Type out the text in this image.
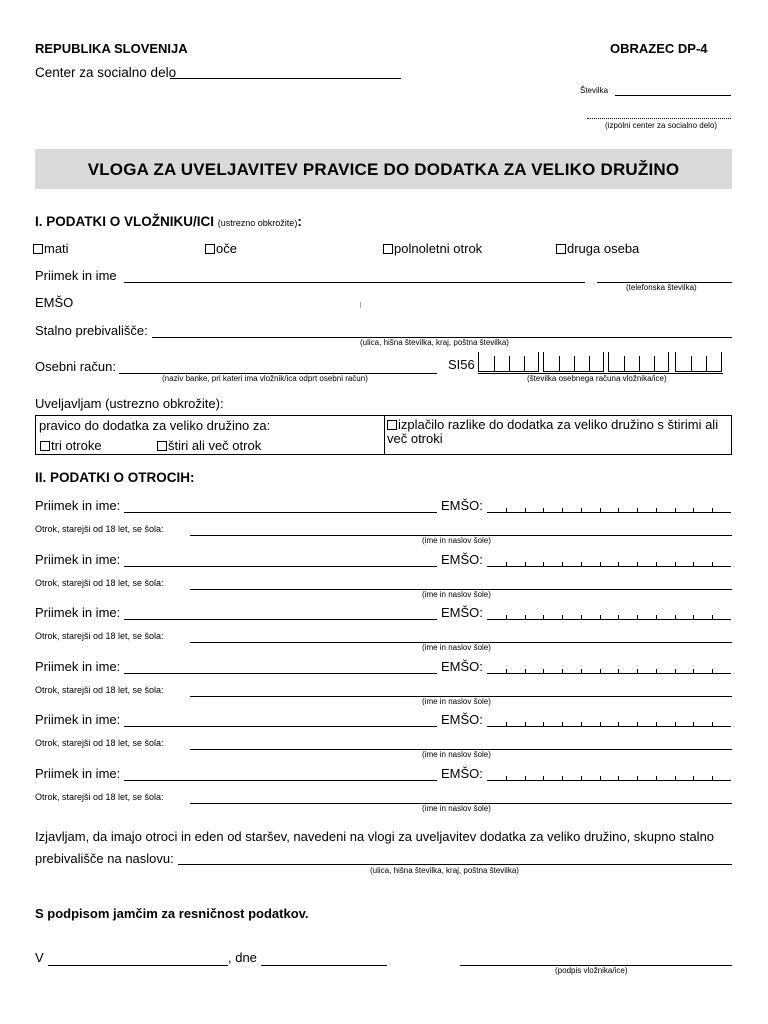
REPUBLIKA SLOVENIJA	OBRAZEC DP-4
Center za socialno delo
Številka
(izpolni center za socialno delo)
VLOGA ZA UVELJAVITEV PRAVICE DO DODATKA ZA VELIKO DRUŽINO
I. PODATKI O VLOŽNIKU/ICI (ustrezno obkrožite):
mati	oče	polnoletni otrok	druga oseba
Priimek in ime
(telefonska številka)
EMŠO
Stalno prebivališče:
(ulica, hišna številka, kraj, poštna številka)
Osebni račun:
(naziv banke, pri kateri ima vložnik/ica odprt osebni račun)
SI56
(številka osebnega računa vložnika/ice)
Uveljavljam (ustrezno obkrožite):
pravico do dodatka za veliko družino za:
tri otroke	štiri ali več otrok
izplačilo razlike do dodatka za veliko družino s štirimi ali več otroki
II. PODATKI O OTROCIH:
Priimek in ime:	EMŠO:
Otrok, starejši od 18 let, se šola:
(ime in naslov šole)
Priimek in ime:	EMŠO:
Otrok, starejši od 18 let, se šola:
(ime in naslov šole)
Priimek in ime:	EMŠO:
Otrok, starejši od 18 let, se šola:
(ime in naslov šole)
Priimek in ime:	EMŠO:
Otrok, starejši od 18 let, se šola:
(ime in naslov šole)
Priimek in ime:	EMŠO:
Otrok, starejši od 18 let, se šola:
(ime in naslov šole)
Priimek in ime:	EMŠO:
Otrok, starejši od 18 let, se šola:
(ime in naslov šole)
Izjavljam, da imajo otroci in eden od staršev, navedeni na vlogi za uveljavitev dodatka za veliko družino, skupno stalno
prebivališče na naslovu:
(ulica, hišna številka, kraj, poštna številka)
S podpisom jamčim za resničnost podatkov.
V	, dne
(podpis vložnika/ice)
